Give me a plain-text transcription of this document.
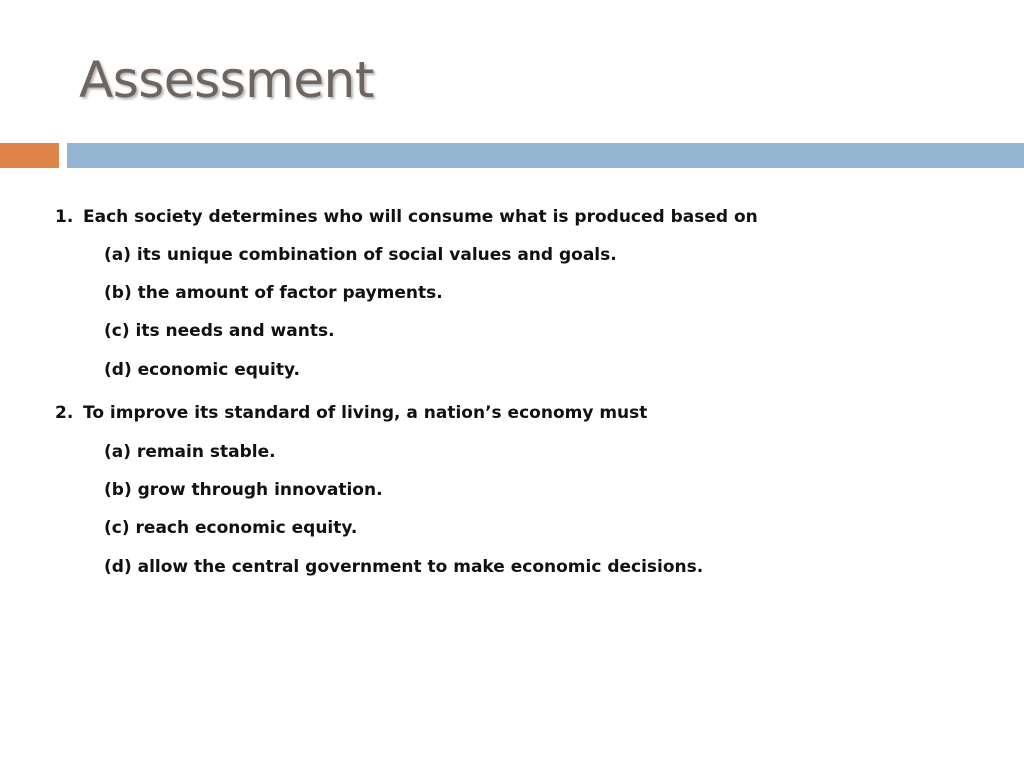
Assessment

1. Each society determines who will consume what is produced based on

(a) its unique combination of social values and goals.

(b) the amount of factor payments.

(c) its needs and wants.

(d) economic equity.

2. To improve its standard of living, a nation’s economy must

(a) remain stable.

(b) grow through innovation.

(c) reach economic equity.

(d) allow the central government to make economic decisions.
